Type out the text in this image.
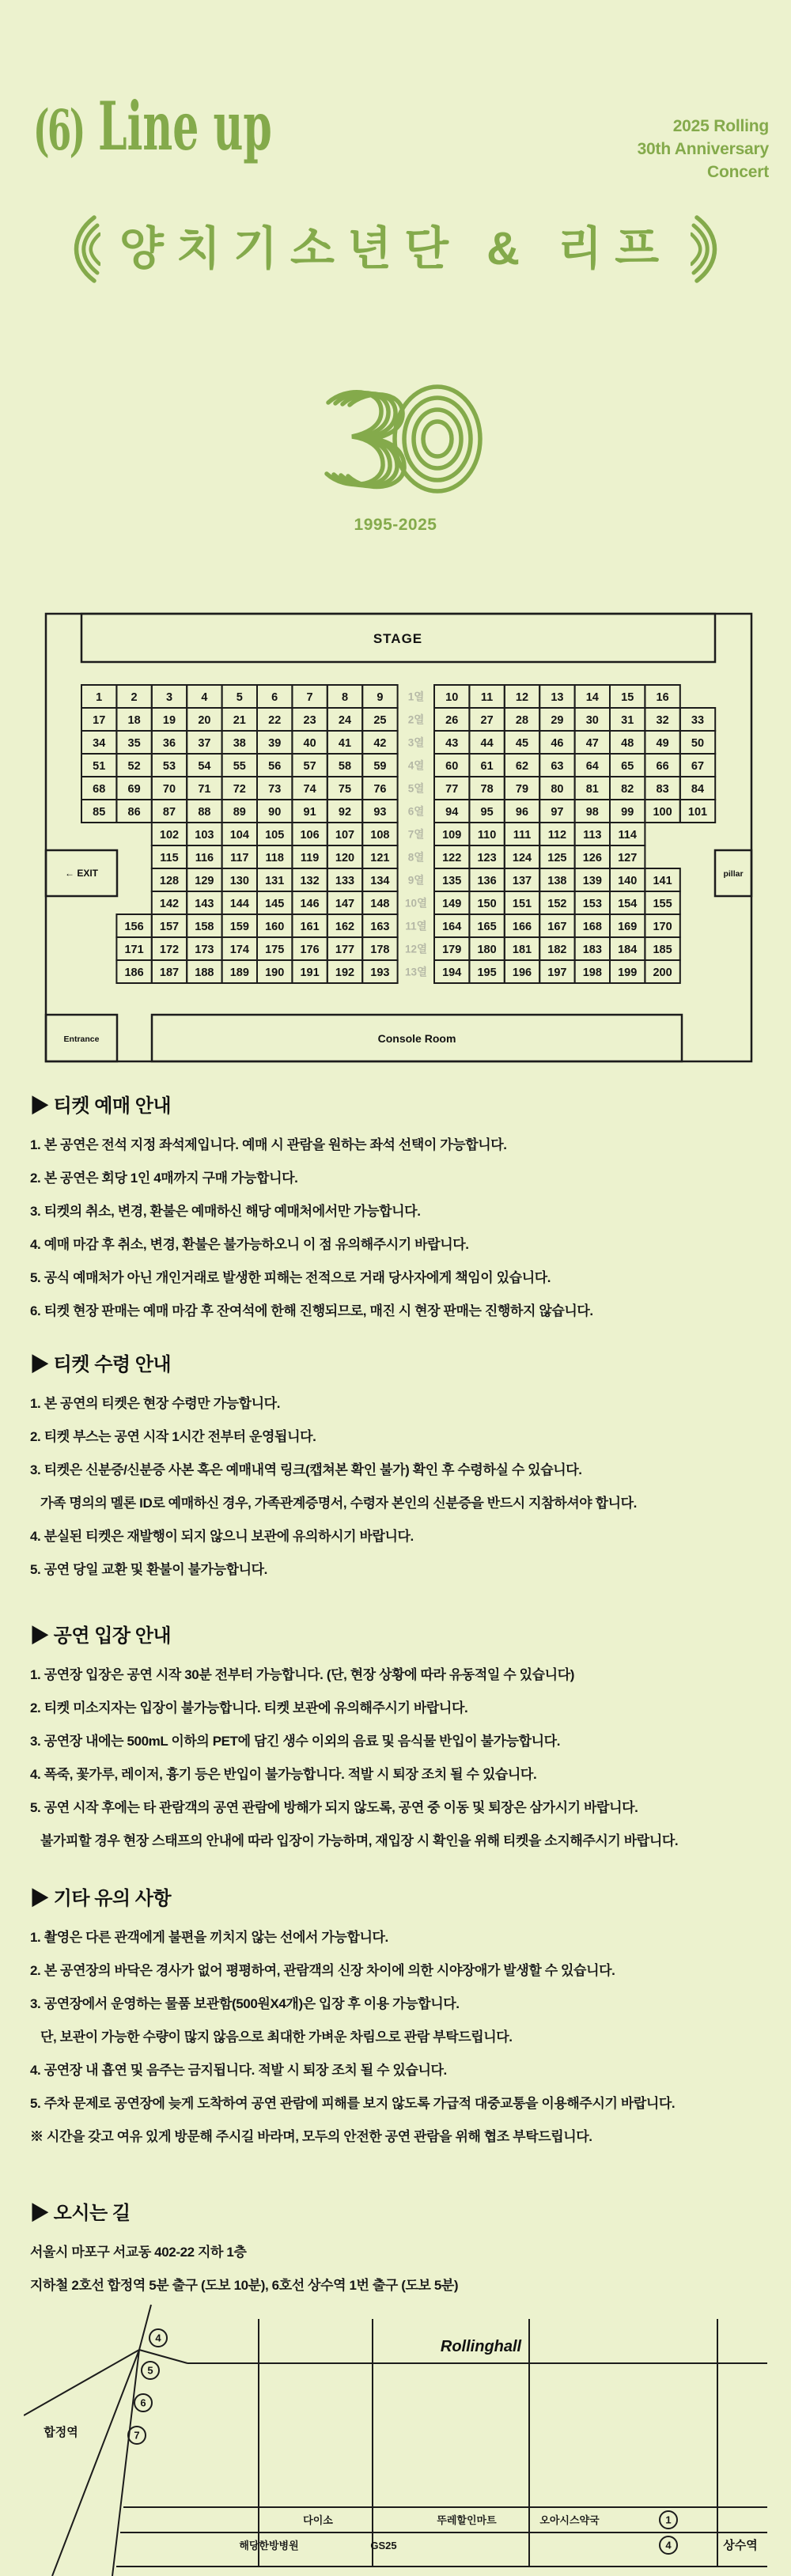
(6) Line up	2025 Rolling
30th Anniversary
Concert
양치기소년단 & 리프
1995-2025
STAGE
1	2	3	4	5	6	7	8	9	10 11 12 13 14 15 16
1열
17 18 19 20 21 22 23 24 25	26 27 28 29 30 31 32 33
2열
34 35 36 37 38 39 40 41 42	43 44 45 46 47 48 49 50
3열
51 52 53 54 55 56 57 58 59	60 61 62 63 64 65 66 67
4열
68 69 70 71 72 73 74 75 76	77 78 79 80 81 82 83 84
5열
85 86 87 88 89 90 91 92 93	94 95 96 97 98 99 100 101
6열
102 103 104 105 106 107 108	109 110 111 112 113 114
7열
115 116 117 118 119 120 121	122 123 124 125 126 127
8열
128 129 130 131 132 133 134	135 136 137 138 139 140 141
9열
142 143 144 145 146 147 148	149 150 151 152 153 154 155
10열
156 157 158 159 160 161 162 163	164 165 166 167 168 169 170
11열
171 172 173 174 175 176 177 178	179 180 181 182 183 184 185
12열
186 187 188 189 190 191 192 193	194 195 196 197 198 199 200
13열
← EXIT	pillar
Entrance	Console Room
▶ 티켓 예매 안내

1. 본 공연은 전석 지정 좌석제입니다. 예매 시 관람을 원하는 좌석 선택이 가능합니다.

2. 본 공연은 회당 1인 4매까지 구매 가능합니다.

3. 티켓의 취소, 변경, 환불은 예매하신 해당 예매처에서만 가능합니다.

4. 예매 마감 후 취소, 변경, 환불은 불가능하오니 이 점 유의해주시기 바랍니다.

5. 공식 예매처가 아닌 개인거래로 발생한 피해는 전적으로 거래 당사자에게 책임이 있습니다.

6. 티켓 현장 판매는 예매 마감 후 잔여석에 한해 진행되므로, 매진 시 현장 판매는 진행하지 않습니다.

▶ 티켓 수령 안내

1. 본 공연의 티켓은 현장 수령만 가능합니다.

2. 티켓 부스는 공연 시작 1시간 전부터 운영됩니다.

3. 티켓은 신분증/신분증 사본 혹은 예매내역 링크(캡쳐본 확인 불가) 확인 후 수령하실 수 있습니다.

가족 명의의 멜론 ID로 예매하신 경우, 가족관계증명서, 수령자 본인의 신분증을 반드시 지참하셔야 합니다.

4. 분실된 티켓은 재발행이 되지 않으니 보관에 유의하시기 바랍니다.

5. 공연 당일 교환 및 환불이 불가능합니다.

▶ 공연 입장 안내

1. 공연장 입장은 공연 시작 30분 전부터 가능합니다. (단, 현장 상황에 따라 유동적일 수 있습니다)

2. 티켓 미소지자는 입장이 불가능합니다. 티켓 보관에 유의해주시기 바랍니다.

3. 공연장 내에는 500mL 이하의 PET에 담긴 생수 이외의 음료 및 음식물 반입이 불가능합니다.

4. 폭죽, 꽃가루, 레이저, 흉기 등은 반입이 불가능합니다. 적발 시 퇴장 조치 될 수 있습니다.

5. 공연 시작 후에는 타 관람객의 공연 관람에 방해가 되지 않도록, 공연 중 이동 및 퇴장은 삼가시기 바랍니다.

불가피할 경우 현장 스태프의 안내에 따라 입장이 가능하며, 재입장 시 확인을 위해 티켓을 소지해주시기 바랍니다.

▶ 기타 유의 사항

1. 촬영은 다른 관객에게 불편을 끼치지 않는 선에서 가능합니다.

2. 본 공연장의 바닥은 경사가 없어 평평하여, 관람객의 신장 차이에 의한 시야장애가 발생할 수 있습니다.

3. 공연장에서 운영하는 물품 보관함(500원X4개)은 입장 후 이용 가능합니다.

단, 보관이 가능한 수량이 많지 않음으로 최대한 가벼운 차림으로 관람 부탁드립니다.

4. 공연장 내 흡연 및 음주는 금지됩니다. 적발 시 퇴장 조치 될 수 있습니다.

5. 주차 문제로 공연장에 늦게 도착하여 공연 관람에 피해를 보지 않도록 가급적 대중교통을 이용해주시기 바랍니다.

※ 시간을 갖고 여유 있게 방문해 주시길 바라며, 모두의 안전한 공연 관람을 위해 협조 부탁드립니다.

▶ 오시는 길

서울시 마포구 서교동 402-22 지하 1층

지하철 2호선 합정역 5분 출구 (도보 10분), 6호선 상수역 1번 출구 (도보 5분)

Rollinghall
합정역
4
5
6
7
다이소	뚜레할인마트	오아시스약국	1
해당한방병원	GS25	4	상수역
